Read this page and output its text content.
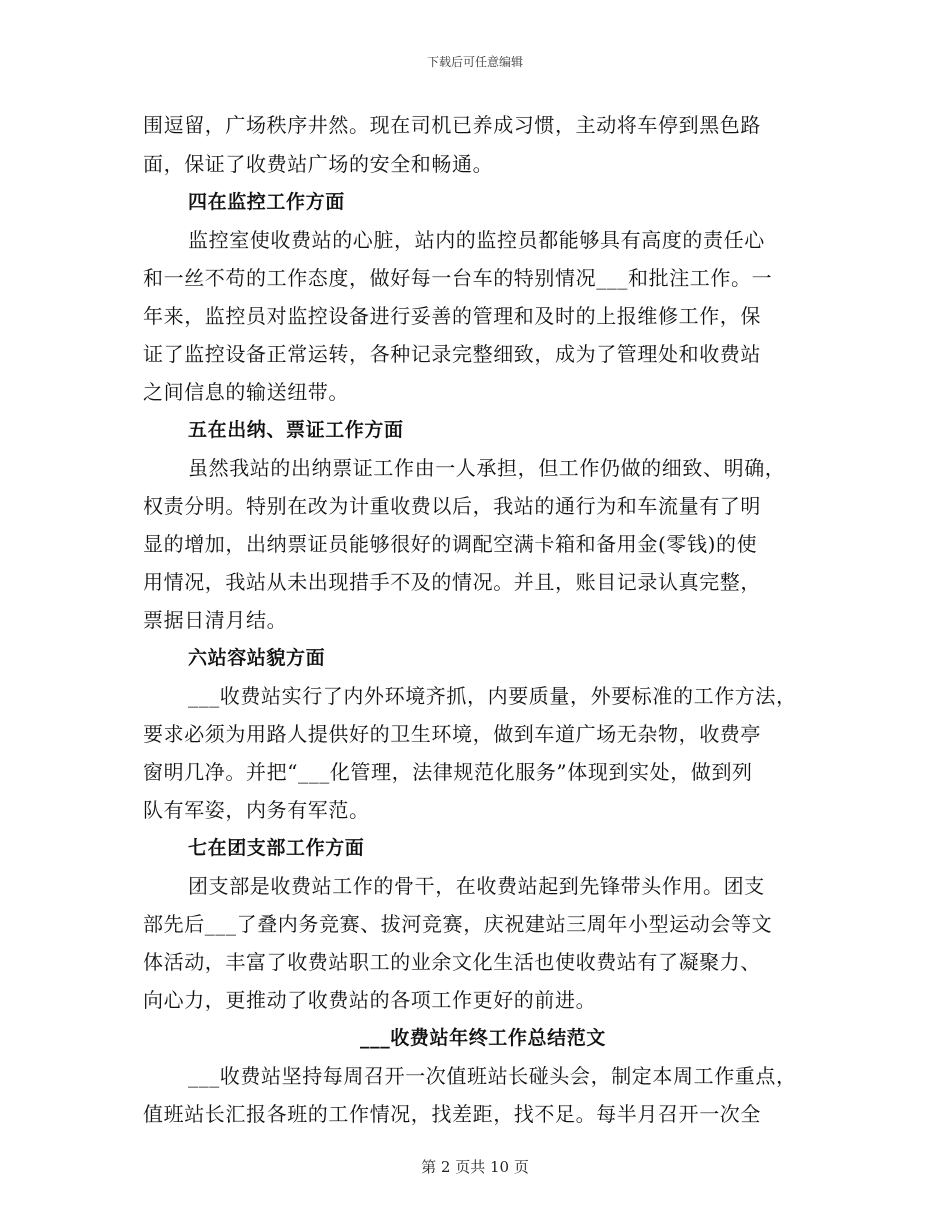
下载后可任意编辑
围逗留，广场秩序井然。现在司机已养成习惯，主动将车停到黑色路
面，保证了收费站广场的安全和畅通。
四在监控工作方面
监控室使收费站的心脏，站内的监控员都能够具有高度的责任心
和一丝不苟的工作态度，做好每一台车的特别情况___和批注工作。一
年来，监控员对监控设备进行妥善的管理和及时的上报维修工作，保
证了监控设备正常运转，各种记录完整细致，成为了管理处和收费站
之间信息的输送纽带。
五在出纳、票证工作方面
虽然我站的出纳票证工作由一人承担，但工作仍做的细致、明确，
权责分明。特别在改为计重收费以后，我站的通行为和车流量有了明
显的增加，出纳票证员能够很好的调配空满卡箱和备用金(零钱)的使
用情况，我站从未出现措手不及的情况。并且，账目记录认真完整，
票据日清月结。
六站容站貌方面
___收费站实行了内外环境齐抓，内要质量，外要标准的工作方法，
要求必须为用路人提供好的卫生环境，做到车道广场无杂物，收费亭
窗明几净。并把“___化管理，法律规范化服务”体现到实处，做到列
队有军姿，内务有军范。
七在团支部工作方面
团支部是收费站工作的骨干，在收费站起到先锋带头作用。团支
部先后___了叠内务竞赛、拔河竞赛，庆祝建站三周年小型运动会等文
体活动，丰富了收费站职工的业余文化生活也使收费站有了凝聚力、
向心力，更推动了收费站的各项工作更好的前进。
___收费站年终工作总结范文
___收费站坚持每周召开一次值班站长碰头会，制定本周工作重点，
值班站长汇报各班的工作情况，找差距，找不足。每半月召开一次全
第 2 页共 10 页
